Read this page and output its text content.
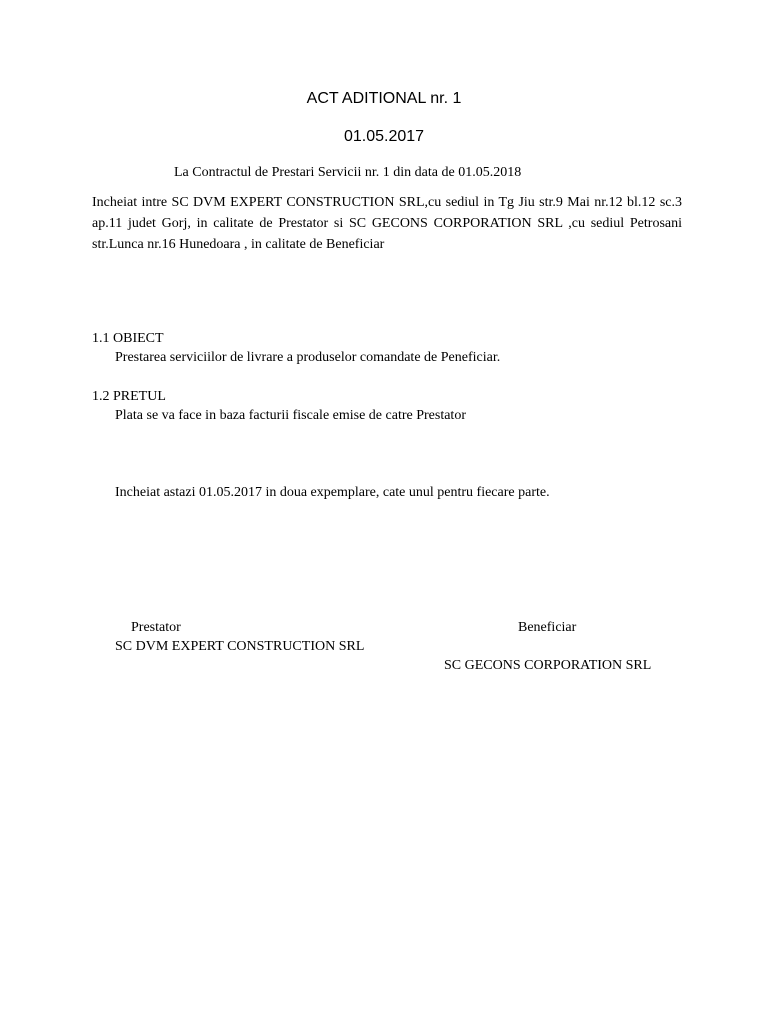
ACT ADITIONAL nr. 1
01.05.2017
La Contractul de Prestari Servicii nr. 1 din data de 01.05.2018
Incheiat intre SC DVM EXPERT CONSTRUCTION SRL,cu sediul in Tg Jiu str.9 Mai nr.12 bl.12 sc.3 ap.11 judet Gorj, in calitate de Prestator si SC GECONS CORPORATION SRL ,cu sediul Petrosani str.Lunca nr.16 Hunedoara , in calitate de Beneficiar
1.1 OBIECT
Prestarea serviciilor de livrare a produselor comandate de Peneficiar.
1.2 PRETUL
Plata se va face in baza facturii fiscale emise de catre Prestator
Incheiat astazi 01.05.2017 in doua expemplare, cate unul pentru fiecare parte.
Prestator	Beneficiar
SC DVM EXPERT CONSTRUCTION SRL
SC GECONS CORPORATION SRL
